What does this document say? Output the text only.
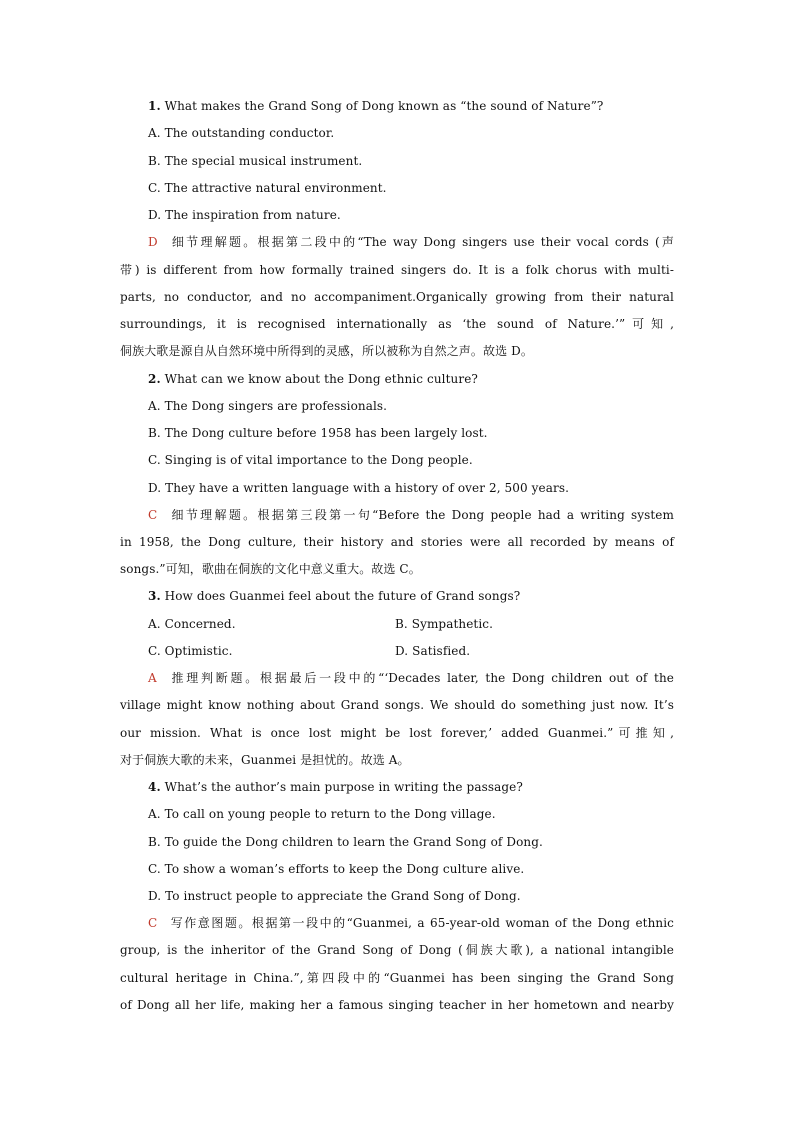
1. What makes the Grand Song of Dong known as “the sound of Nature”?
A. The outstanding conductor.
B. The special musical instrument.
C. The attractive natural environment.
D. The inspiration from nature.
D 细节理解题。根据第二段中的“The way Dong singers use their vocal cords (声
带) is different from how formally trained singers do. It is a folk chorus with multi-
parts, no conductor, and no accompaniment.Organically growing from their natural
surroundings, it is recognised internationally as ‘the sound of Nature.’”可知,
侗族大歌是源自从自然环境中所得到的灵感，所以被称为自然之声。故选 D。
2. What can we know about the Dong ethnic culture?
A. The Dong singers are professionals.
B. The Dong culture before 1958 has been largely lost.
C. Singing is of vital importance to the Dong people.
D. They have a written language with a history of over 2, 500 years.
C 细节理解题。根据第三段第一句“Before the Dong people had a writing system
in 1958, the Dong culture, their history and stories were all recorded by means of
songs.”可知，歌曲在侗族的文化中意义重大。故选 C。
3. How does Guanmei feel about the future of Grand songs?
A. Concerned.	B. Sympathetic.
C. Optimistic.	D. Satisfied.
A 推理判断题。根据最后一段中的“‘Decades later, the Dong children out of the
village might know nothing about Grand songs. We should do something just now. It’s
our mission. What is once lost might be lost forever,’ added Guanmei.”可推知,
对于侗族大歌的未来，Guanmei 是担忧的。故选 A。
4. What’s the author’s main purpose in writing the passage?
A. To call on young people to return to the Dong village.
B. To guide the Dong children to learn the Grand Song of Dong.
C. To show a woman’s efforts to keep the Dong culture alive.
D. To instruct people to appreciate the Grand Song of Dong.
C 写作意图题。根据第一段中的“Guanmei, a 65-year-old woman of the Dong ethnic
group, is the inheritor of the Grand Song of Dong (侗族大歌), a national intangible
cultural heritage in China.”,第四段中的“Guanmei has been singing the Grand Song
of Dong all her life, making her a famous singing teacher in her hometown and nearby
